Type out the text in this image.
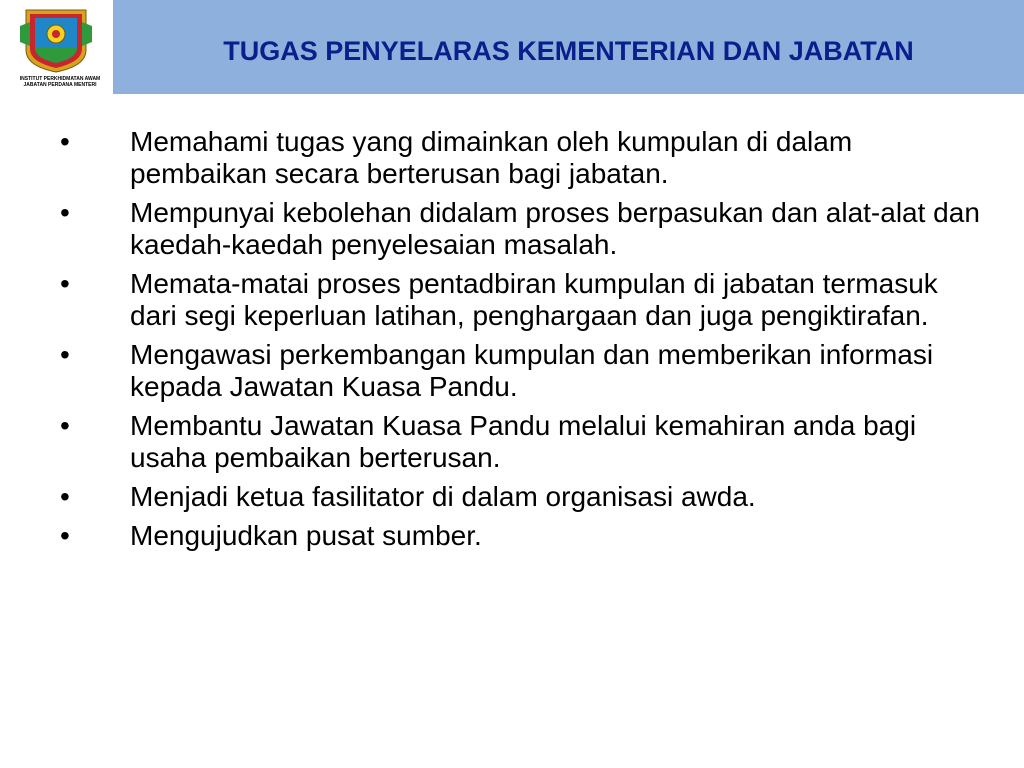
INSTITUT PERKHIDMATAN AWAM
JABATAN PERDANA MENTERI
TUGAS PENYELARAS KEMENTERIAN DAN JABATAN
•	Memahami tugas yang dimainkan oleh kumpulan di dalam pembaikan secara berterusan bagi jabatan.
•	Mempunyai kebolehan didalam proses berpasukan dan alat-alat dan kaedah-kaedah penyelesaian masalah.
•	Memata-matai proses pentadbiran kumpulan di jabatan termasuk dari segi keperluan latihan, penghargaan dan juga pengiktirafan.
•	Mengawasi perkembangan kumpulan dan memberikan informasi kepada Jawatan Kuasa Pandu.
•	Membantu Jawatan Kuasa Pandu melalui kemahiran anda bagi usaha pembaikan berterusan.
•	Menjadi ketua fasilitator di dalam organisasi awda.
•	Mengujudkan pusat sumber.
